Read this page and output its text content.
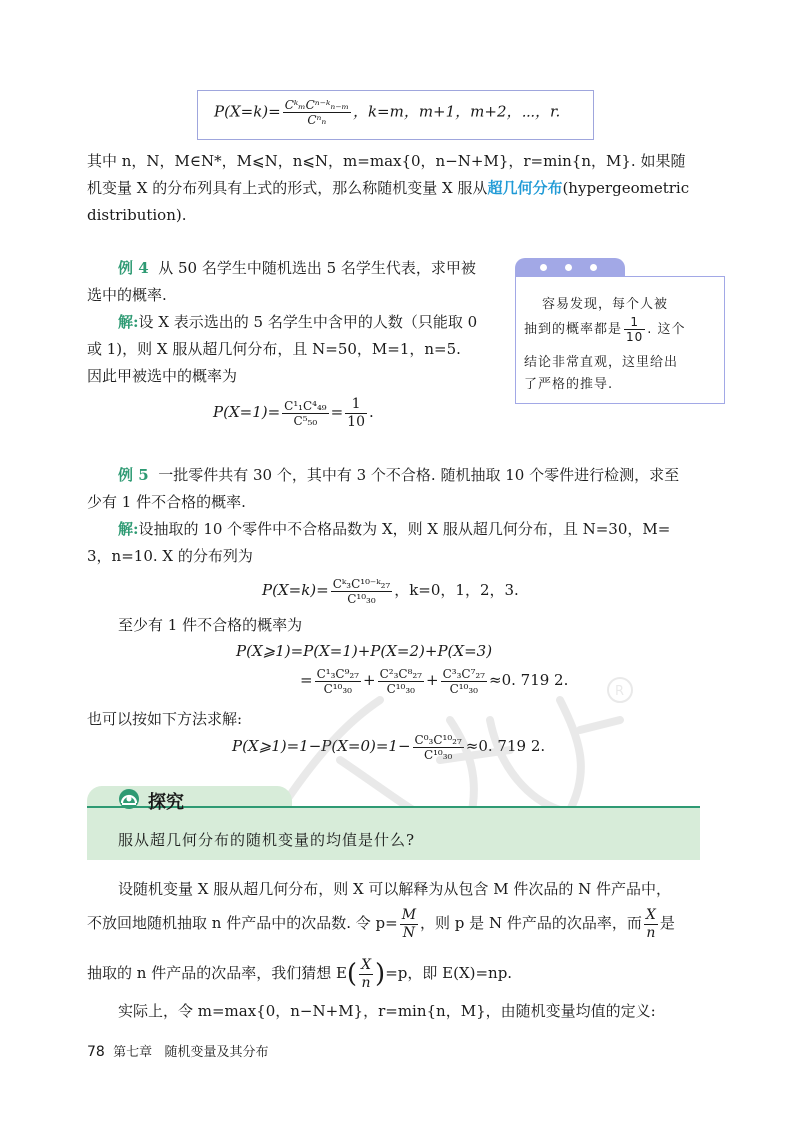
$P(X=k)= \frac{\text{CᵏₘCⁿ⁻ᵏₙ₋ₘ}}{\text{Cⁿₙ}}$ ，k=m，m+1，m+2，⋯，r.
其中 n，N，M∈N*，M⩽N，n⩽N，m=max{0，n−N+M}，r=min{n，M}. 如果随
机变量 X 的分布列具有上式的形式，那么称随机变量 X 服从超几何分布(hypergeometric
distribution).
例 4 从 50 名学生中随机选出 5 名学生代表，求甲被
选中的概率.
解:设 X 表示选出的 5 名学生中含甲的人数（只能取 0
或 1)，则 X 服从超几何分布，且 N=50，M=1，n=5.
因此甲被选中的概率为
$P(X=1)= \frac{\text{C¹₁C⁴₄₉}}{\text{C⁵₅₀}} = \frac{1}{10}$ .
容易发现，每个人被
抽到的概率都是 $\frac{1}{10}$ . 这个
结论非常直观，这里给出
了严格的推导.
例 5 一批零件共有 30 个，其中有 3 个不合格. 随机抽取 10 个零件进行检测，求至
少有 1 件不合格的概率.
解:设抽取的 10 个零件中不合格品数为 X，则 X 服从超几何分布，且 N=30，M=
3，n=10. X 的分布列为
$P(X=k)= \frac{\text{Cᵏ₃C¹⁰⁻ᵏ₂₇}}{\text{C¹⁰₃₀}}$ ，k=0，1，2，3.
至少有 1 件不合格的概率为
P(X⩾1)=P(X=1)+P(X=2)+P(X=3)
= $\frac{\text{C¹₃C⁹₂₇}}{\text{C¹⁰₃₀}} + \frac{\text{C²₃C⁸₂₇}}{\text{C¹⁰₃₀}} + \frac{\text{C³₃C⁷₂₇}}{\text{C¹⁰₃₀}} \approx 0$. 719 2.
也可以按如下方法求解:
P(X⩾1)=1−P(X=0)=1− $\frac{\text{C⁰₃C¹⁰₂₇}}{\text{C¹⁰₃₀}} \approx 0$. 719 2.
R
探究
服从超几何分布的随机变量的均值是什么?
设随机变量 X 服从超几何分布，则 X 可以解释为从包含 M 件次品的 N 件产品中，
不放回地随机抽取 n 件产品中的次品数. 令 $p= \frac{M}{N}$ ，则 p 是 N 件产品的次品率，而 $\frac{X}{n}$ 是
抽取的 n 件产品的次品率，我们猜想 $E( \frac{X}{n} )=p$，即 E(X)=np.
实际上，令 m=max{0，n−N+M}，r=min{n，M}，由随机变量均值的定义:
78 第七章 随机变量及其分布
